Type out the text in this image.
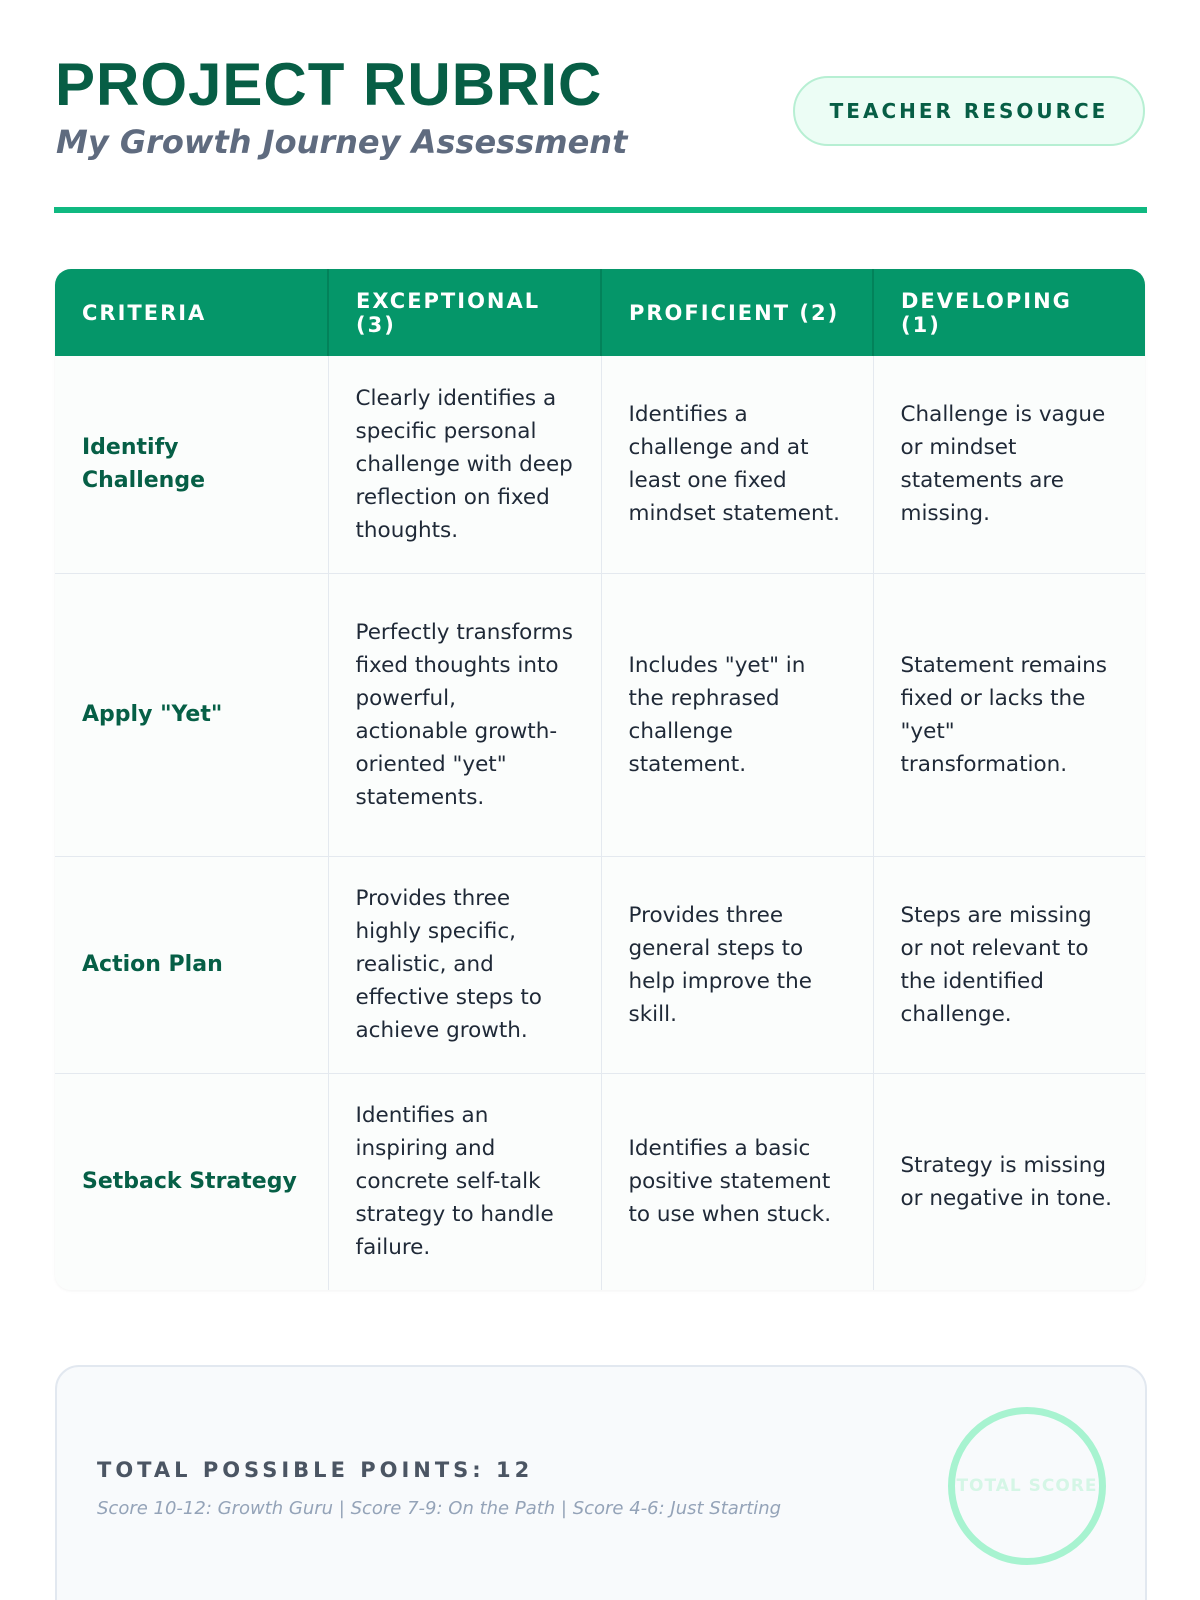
PROJECT RUBRIC
My Growth Journey Assessment
TEACHER RESOURCE
CRITERIA	EXCEPTIONAL (3)	PROFICIENT (2)	DEVELOPING (1)
Identify Challenge	Clearly identifies a specific personal challenge with deep reflection on fixed thoughts.	Identifies a challenge and at least one fixed mindset statement.	Challenge is vague or mindset statements are missing.
Apply "Yet"	Perfectly transforms fixed thoughts into powerful, actionable growth-oriented "yet" statements.	Includes "yet" in the rephrased challenge statement.	Statement remains fixed or lacks the "yet" transformation.
Action Plan	Provides three highly specific, realistic, and effective steps to achieve growth.	Provides three general steps to help improve the skill.	Steps are missing or not relevant to the identified challenge.
Setback Strategy	Identifies an inspiring and concrete self-talk strategy to handle failure.	Identifies a basic positive statement to use when stuck.	Strategy is missing or negative in tone.
TOTAL POSSIBLE POINTS: 12
Score 10-12: Growth Guru | Score 7-9: On the Path | Score 4-6: Just Starting
TOTAL SCORE
